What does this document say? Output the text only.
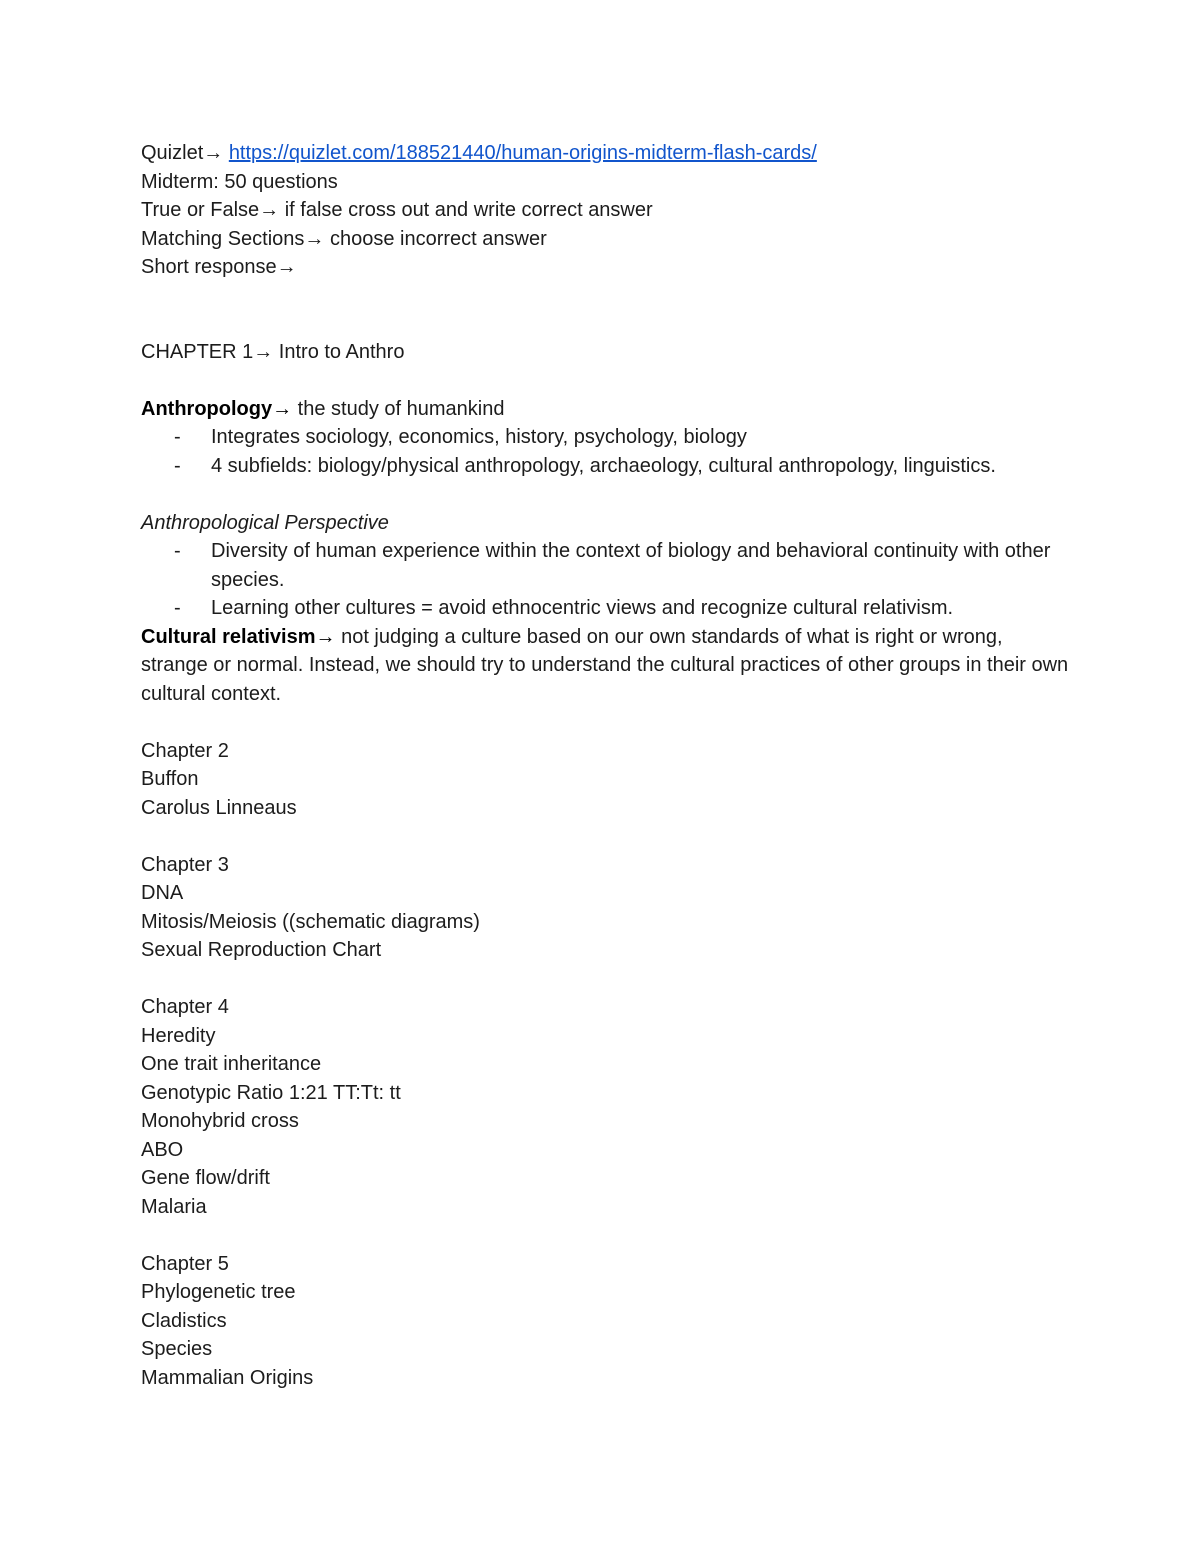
Quizlet→ https://quizlet.com/188521440/human-origins-midterm-flash-cards/

Midterm: 50 questions

True or False→ if false cross out and write correct answer

Matching Sections→ choose incorrect answer

Short response→

CHAPTER 1→ Intro to Anthro

Anthropology→ the study of humankind

- Integrates sociology, economics, history, psychology, biology
- 4 subfields: biology/physical anthropology, archaeology, cultural anthropology, linguistics.

Anthropological Perspective

- Diversity of human experience within the context of biology and behavioral continuity with other species.
- Learning other cultures = avoid ethnocentric views and recognize cultural relativism.

Cultural relativism→ not judging a culture based on our own standards of what is right or wrong, strange or normal. Instead, we should try to understand the cultural practices of other groups in their own cultural context.

Chapter 2

Buffon

Carolus Linneaus

Chapter 3

DNA

Mitosis/Meiosis ((schematic diagrams)

Sexual Reproduction Chart

Chapter 4

Heredity

One trait inheritance

Genotypic Ratio 1:21 TT:Tt: tt

Monohybrid cross

ABO

Gene flow/drift

Malaria

Chapter 5

Phylogenetic tree

Cladistics

Species

Mammalian Origins
